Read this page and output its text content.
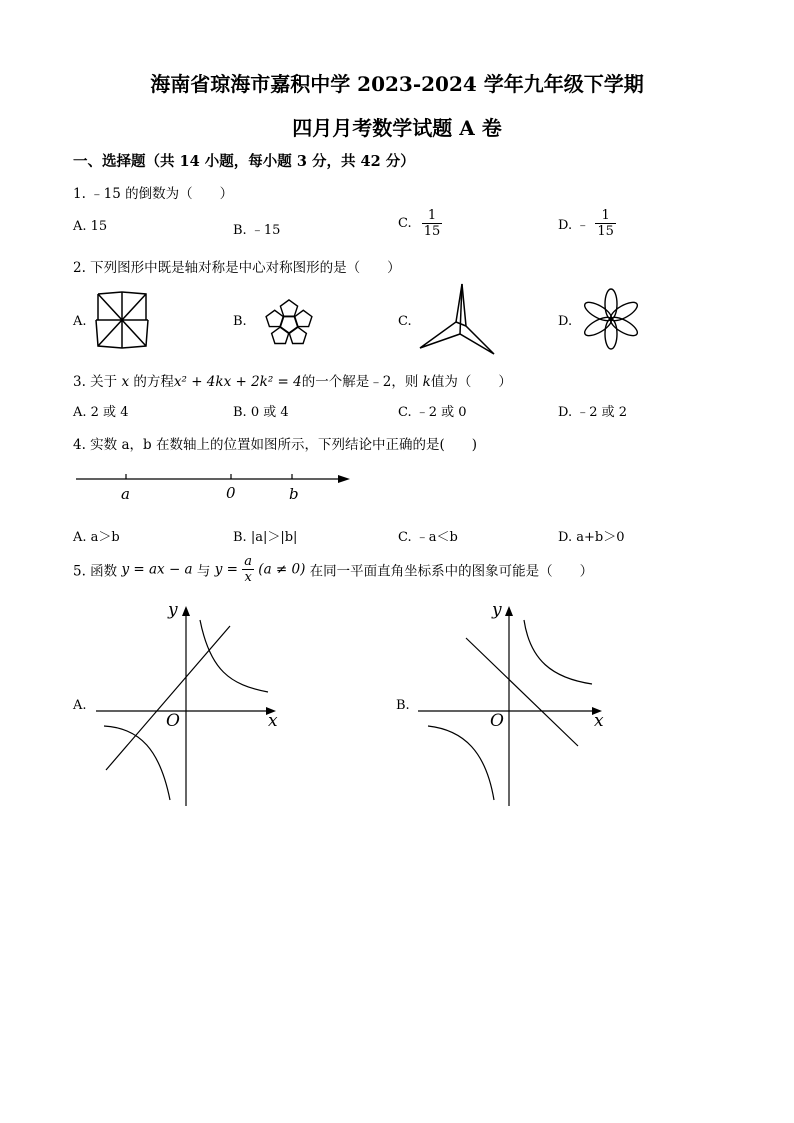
海南省琼海市嘉积中学 2023-2024 学年九年级下学期
四月月考数学试题 A 卷
一、选择题（共 14 小题，每小题 3 分，共 42 分）
1. ﹣15 的倒数为（　　）
A. 15	B. ﹣15	C. $\frac{1}{15}$	D. ﹣ $\frac{1}{15}$
2. 下列图形中既是轴对称是中心对称图形的是（　　）
A.	B.	C.	D.
3. 关于 x 的方程x² + 4kx + 2k² = 4的一个解是﹣2，则 k值为（　　）
A. 2 或 4	B. 0 或 4	C. ﹣2 或 0	D. ﹣2 或 2
4. 实数 a，b 在数轴上的位置如图所示，下列结论中正确的是(　　)
a	0	b
A. a＞b	B. |a|＞|b|	C. ﹣a＜b	D. a+b＞0
5. 函数 y = ax − a 与 $y = \frac{a}{x} (a \ne 0)$ 在同一平面直角坐标系中的图象可能是（　　）
A.
y
x
O
B.
y
x
O
